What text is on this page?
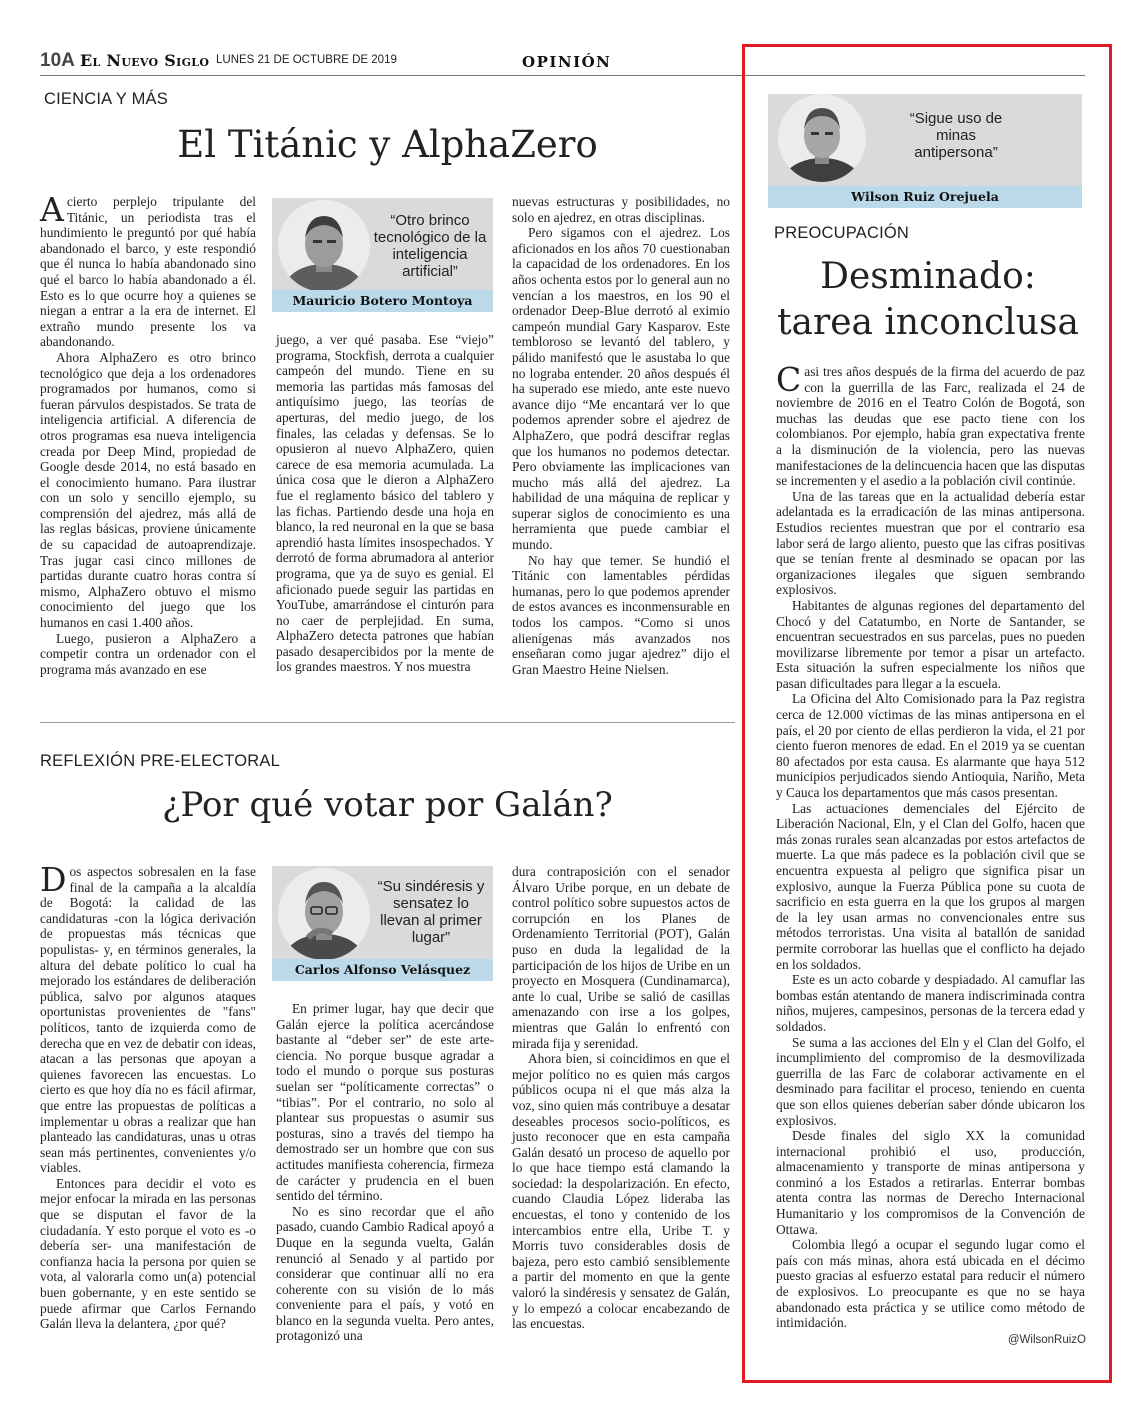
10A El Nuevo Siglo LUNES 21 DE OCTUBRE DE 2019	OPINIÓN
CIENCIA Y MÁS
El Titánic y AlphaZero
A cierto perplejo tripulante del Titánic, un periodista tras el hundimiento le preguntó por qué había abandonado el barco, y este respondió que él nunca lo había abandonado sino qué el barco lo había abandonado a él. Esto es lo que ocurre hoy a quienes se niegan a entrar a la era de internet. El extraño mundo presente los va abandonando.

Ahora AlphaZero es otro brinco tecnológico que deja a los ordenadores programados por humanos, como si fueran párvulos despistados. Se trata de inteligencia artificial. A diferencia de otros programas esa nueva inteligencia creada por Deep Mind, propiedad de Google desde 2014, no está basado en el conocimiento humano. Para ilustrar con un solo y sencillo ejemplo, su comprensión del ajedrez, más allá de las reglas básicas, proviene únicamente de su capacidad de autoaprendizaje. Tras jugar casi cinco millones de partidas durante cuatro horas contra sí mismo, AlphaZero obtuvo el mismo conocimiento del juego que los humanos en casi 1.400 años.

Luego, pusieron a AlphaZero a competir contra un ordenador con el programa más avanzado en ese

“Otro brinco tecnológico de la inteligencia artificial”
Mauricio Botero Montoya

juego, a ver qué pasaba. Ese “viejo” programa, Stockfish, derrota a cualquier campeón del mundo. Tiene en su memoria las partidas más famosas del antiquísimo juego, las teorías de aperturas, del medio juego, de los finales, las celadas y defensas. Se lo opusieron al nuevo AlphaZero, quien carece de esa memoria acumulada. La única cosa que le dieron a AlphaZero fue el reglamento básico del tablero y las fichas. Partiendo desde una hoja en blanco, la red neuronal en la que se basa aprendió hasta límites insospechados. Y derrotó de forma abrumadora al anterior programa, que ya de suyo es genial. El aficionado puede seguir las partidas en YouTube, amarrándose el cinturón para no caer de perplejidad. En suma, AlphaZero detecta patrones que habían pasado desapercibidos por la mente de los grandes maestros. Y nos muestra

nuevas estructuras y posibilidades, no solo en ajedrez, en otras disciplinas.

Pero sigamos con el ajedrez. Los aficionados en los años 70 cuestionaban la capacidad de los ordenadores. En los años ochenta estos por lo general aun no vencían a los maestros, en los 90 el ordenador Deep-Blue derrotó al eximio campeón mundial Gary Kasparov. Este tembloroso se levantó del tablero, y pálido manifestó que le asustaba lo que no lograba entender. 20 años después él ha superado ese miedo, ante este nuevo avance dijo “Me encantará ver lo que podemos aprender sobre el ajedrez de AlphaZero, que podrá descifrar reglas que los humanos no podemos detectar. Pero obviamente las implicaciones van mucho más allá del ajedrez. La habilidad de una máquina de replicar y superar siglos de conocimiento es una herramienta que puede cambiar el mundo.

No hay que temer. Se hundió el Titánic con lamentables pérdidas humanas, pero lo que podemos aprender de estos avances es inconmensurable en todos los campos. “Como si unos alienígenas más avanzados nos enseñaran como jugar ajedrez” dijo el Gran Maestro Heine Nielsen.

REFLEXIÓN PRE-ELECTORAL
¿Por qué votar por Galán?
D os aspectos sobresalen en la fase final de la campaña a la alcaldía de Bogotá: la calidad de las candidaturas -con la lógica derivación de propuestas más técnicas que populistas- y, en términos generales, la altura del debate político lo cual ha mejorado los estándares de deliberación pública, salvo por algunos ataques oportunistas provenientes de "fans" políticos, tanto de izquierda como de derecha que en vez de debatir con ideas, atacan a las personas que apoyan a quienes favorecen las encuestas. Lo cierto es que hoy día no es fácil afirmar, que entre las propuestas de políticas a implementar u obras a realizar que han planteado las candidaturas, unas u otras sean más pertinentes, convenientes y/o viables.

Entonces para decidir el voto es mejor enfocar la mirada en las personas que se disputan el favor de la ciudadanía. Y esto porque el voto es -o debería ser- una manifestación de confianza hacia la persona por quien se vota, al valorarla como un(a) potencial buen gobernante, y en este sentido se puede afirmar que Carlos Fernando Galán lleva la delantera, ¿por qué?

“Su sindéresis y sensatez lo llevan al primer lugar”
Carlos Alfonso Velásquez

En primer lugar, hay que decir que Galán ejerce la política acercándose bastante al “deber ser” de este arte-ciencia. No porque busque agradar a todo el mundo o porque sus posturas suelan ser “políticamente correctas” o “tibias”. Por el contrario, no solo al plantear sus propuestas o asumir sus posturas, sino a través del tiempo ha demostrado ser un hombre que con sus actitudes manifiesta coherencia, firmeza de carácter y prudencia en el buen sentido del término.

No es sino recordar que el año pasado, cuando Cambio Radical apoyó a Duque en la segunda vuelta, Galán renunció al Senado y al partido por considerar que continuar allí no era coherente con su visión de lo más conveniente para el país, y votó en blanco en la segunda vuelta. Pero antes, protagonizó una

dura contraposición con el senador Álvaro Uribe porque, en un debate de control político sobre supuestos actos de corrupción en los Planes de Ordenamiento Territorial (POT), Galán puso en duda la legalidad de la participación de los hijos de Uribe en un proyecto en Mosquera (Cundinamarca), ante lo cual, Uribe se salió de casillas amenazando con irse a los golpes, mientras que Galán lo enfrentó con mirada fija y serenidad.

Ahora bien, si coincidimos en que el mejor político no es quien más cargos públicos ocupa ni el que más alza la voz, sino quien más contribuye a desatar deseables procesos socio-políticos, es justo reconocer que en esta campaña Galán desató un proceso de aquello por lo que hace tiempo está clamando la sociedad: la despolarización. En efecto, cuando Claudia López lideraba las encuestas, el tono y contenido de los intercambios entre ella, Uribe T. y Morris tuvo considerables dosis de bajeza, pero esto cambió sensiblemente a partir del momento en que la gente valoró la sindéresis y sensatez de Galán, y lo empezó a colocar encabezando de las encuestas.

“Sigue uso de minas antipersona”
Wilson Ruiz Orejuela
PREOCUPACIÓN
Desminado:
tarea inconclusa
C asi tres años después de la firma del acuerdo de paz con la guerrilla de las Farc, realizada el 24 de noviembre de 2016 en el Teatro Colón de Bogotá, son muchas las deudas que ese pacto tiene con los colombianos. Por ejemplo, había gran expectativa frente a la disminución de la violencia, pero las nuevas manifestaciones de la delincuencia hacen que las disputas se incrementen y el asedio a la población civil continúe.

Una de las tareas que en la actualidad debería estar adelantada es la erradicación de las minas antipersona. Estudios recientes muestran que por el contrario esa labor será de largo aliento, puesto que las cifras positivas que se tenían frente al desminado se opacan por las organizaciones ilegales que siguen sembrando explosivos.

Habitantes de algunas regiones del departamento del Chocó y del Catatumbo, en Norte de Santander, se encuentran secuestrados en sus parcelas, pues no pueden movilizarse libremente por temor a pisar un artefacto. Esta situación la sufren especialmente los niños que pasan dificultades para llegar a la escuela.

La Oficina del Alto Comisionado para la Paz registra cerca de 12.000 víctimas de las minas antipersona en el país, el 20 por ciento de ellas perdieron la vida, el 21 por ciento fueron menores de edad. En el 2019 ya se cuentan 80 afectados por esta causa. Es alarmante que haya 512 municipios perjudicados siendo Antioquia, Nariño, Meta y Cauca los departamentos que más casos presentan.

Las actuaciones demenciales del Ejército de Liberación Nacional, Eln, y el Clan del Golfo, hacen que más zonas rurales sean alcanzadas por estos artefactos de muerte. La que más padece es la población civil que se encuentra expuesta al peligro que significa pisar un explosivo, aunque la Fuerza Pública pone su cuota de sacrificio en esta guerra en la que los grupos al margen de la ley usan armas no convencionales entre sus métodos terroristas. Una visita al batallón de sanidad permite corroborar las huellas que el conflicto ha dejado en los soldados.

Este es un acto cobarde y despiadado. Al camuflar las bombas están atentando de manera indiscriminada contra niños, mujeres, campesinos, personas de la tercera edad y soldados.

Se suma a las acciones del Eln y el Clan del Golfo, el incumplimiento del compromiso de la desmovilizada guerrilla de las Farc de colaborar activamente en el desminado para facilitar el proceso, teniendo en cuenta que son ellos quienes deberían saber dónde ubicaron los explosivos.

Desde finales del siglo XX la comunidad internacional prohibió el uso, producción, almacenamiento y transporte de minas antipersona y conminó a los Estados a retirarlas. Enterrar bombas atenta contra las normas de Derecho Internacional Humanitario y los compromisos de la Convención de Ottawa.

Colombia llegó a ocupar el segundo lugar como el país con más minas, ahora está ubicada en el décimo puesto gracias al esfuerzo estatal para reducir el número de explosivos. Lo preocupante es que no se haya abandonado esta práctica y se utilice como método de intimidación.

@WilsonRuizO
